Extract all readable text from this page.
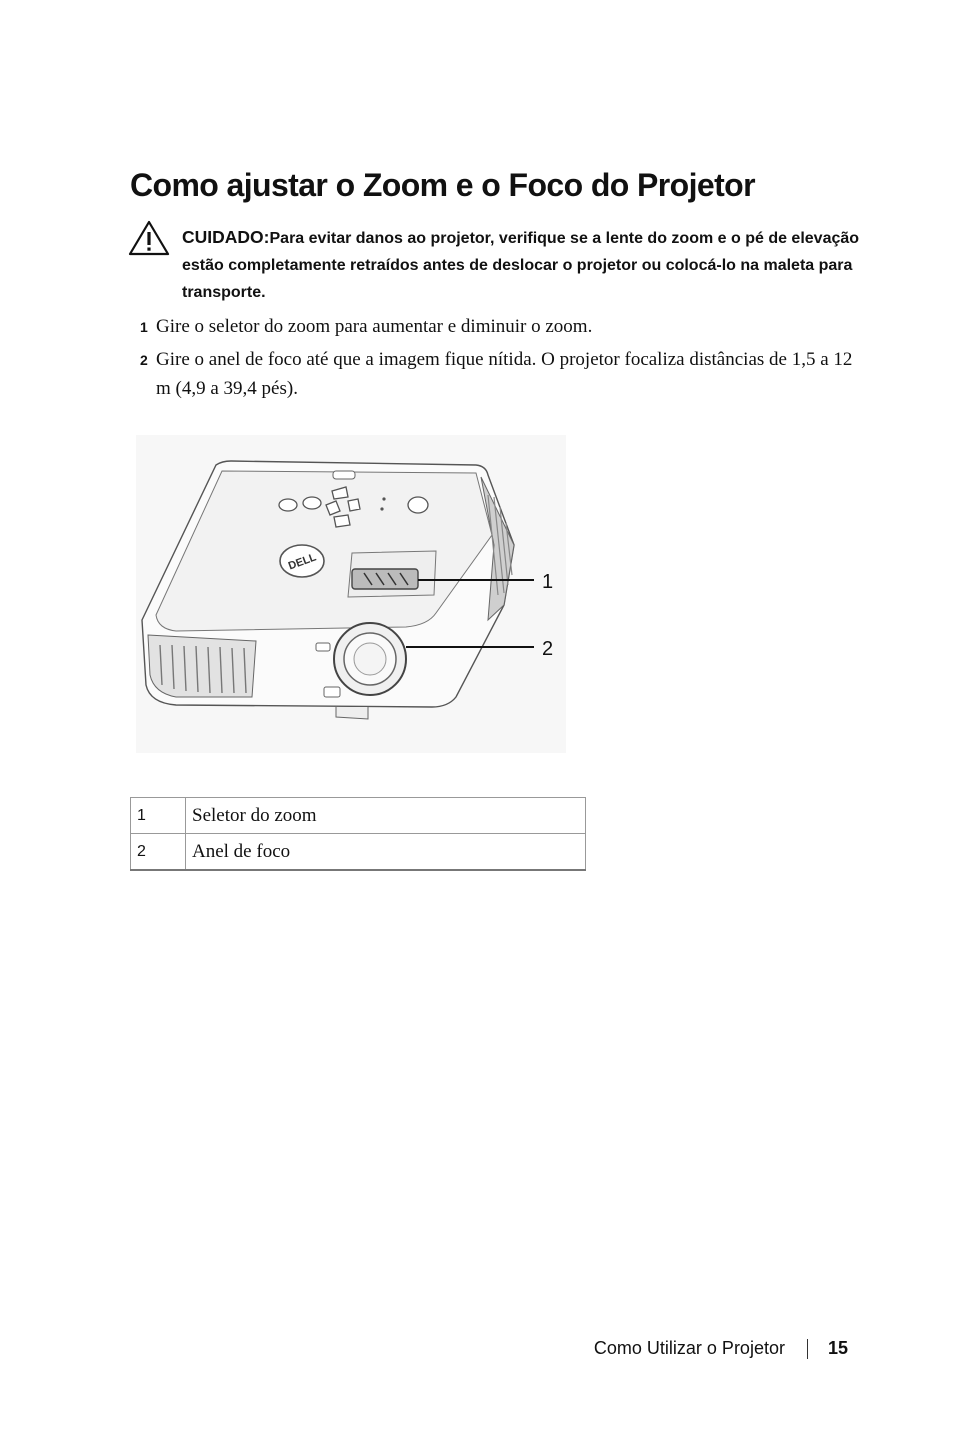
Como ajustar o Zoom e o Foco do Projetor
CUIDADO:Para evitar danos ao projetor, verifique se a lente do zoom e o pé de elevação estão completamente retraídos antes de deslocar o projetor ou colocá-lo na maleta para transporte.
1 Gire o seletor do zoom para aumentar e diminuir o zoom.
2 Gire o anel de foco até que a imagem fique nítida. O projetor focaliza distâncias de 1,5 a 12 m (4,9 a 39,4 pés).
DELL
1
2
1	Seletor do zoom
2	Anel de foco
Como Utilizar o Projetor 15
